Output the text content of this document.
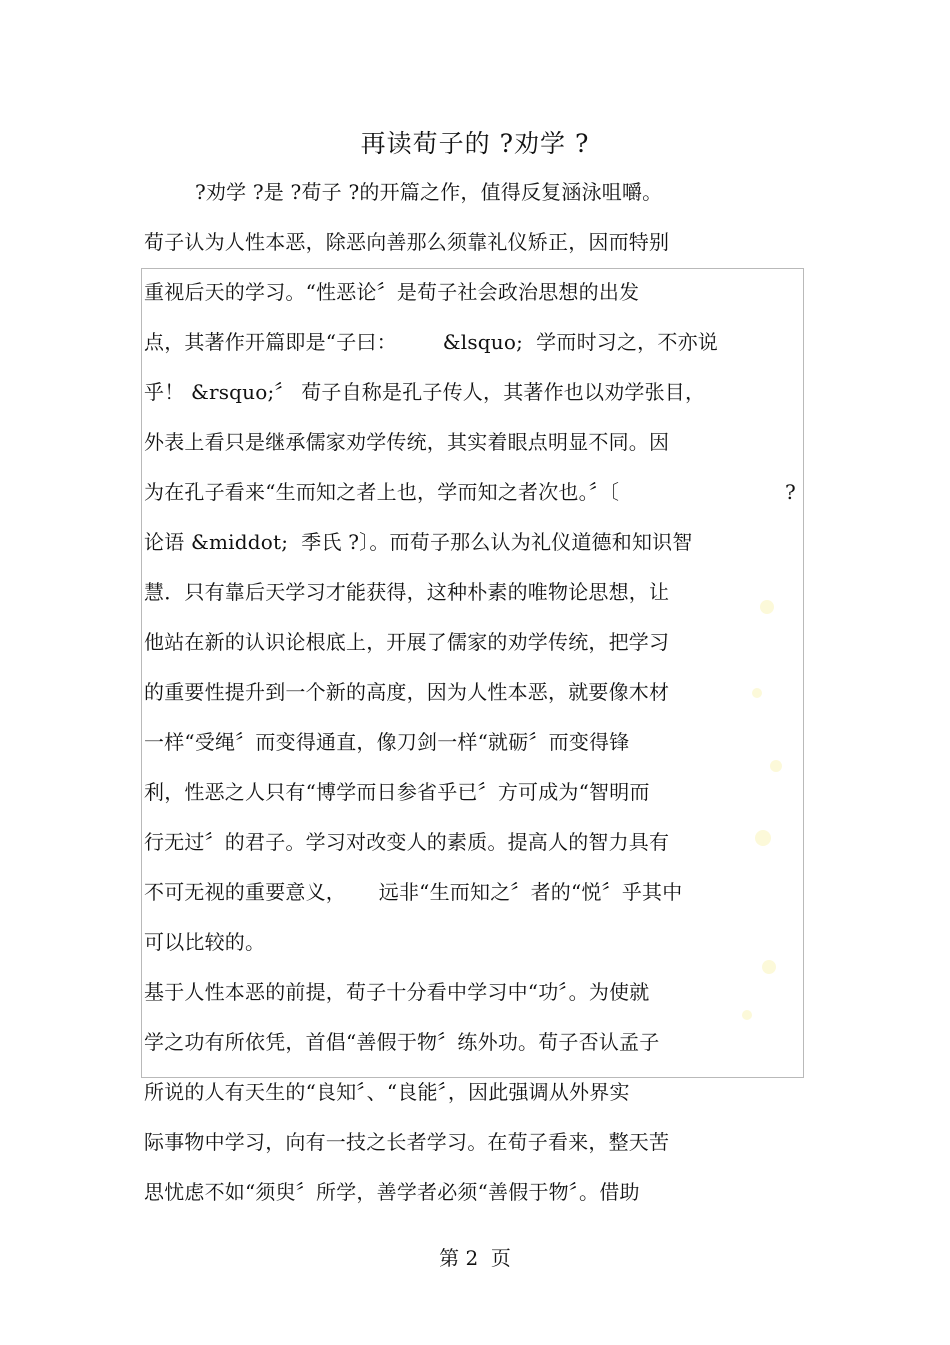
再读荀子的 ?劝学 ?
?劝学 ?是 ?荀子 ?的开篇之作，值得反复涵泳咀嚼。
荀子认为人性本恶，除恶向善那么须靠礼仪矫正，因而特别
重视后天的学习。“性恶论〞是荀子社会政治思想的出发
点，其著作开篇即是“子曰：       &lsquo;  学而时习之，不亦说
乎！ &rsquo;〞 荀子自称是孔子传人，其著作也以劝学张目，
外表上看只是继承儒家劝学传统，其实着眼点明显不同。因
为在孔子看来“生而知之者上也，学而知之者次也。〞〔	?
论语 &middot;  季氏 ?〕。而荀子那么认为礼仪道德和知识智
慧．只有靠后天学习才能获得，这种朴素的唯物论思想，让
他站在新的认识论根底上，开展了儒家的劝学传统，把学习
的重要性提升到一个新的高度，因为人性本恶，就要像木材
一样“受绳〞而变得通直，像刀剑一样“就砺〞而变得锋
利，性恶之人只有“博学而日参省乎已〞方可成为“智明而
行无过〞的君子。学习对改变人的素质。提高人的智力具有
不可无视的重要意义，     远非“生而知之〞者的“悦〞乎其中
可以比较的。
基于人性本恶的前提，荀子十分看中学习中“功〞。为使就
学之功有所依凭，首倡“善假于物〞练外功。荀子否认孟子
所说的人有天生的“良知〞、“良能〞，因此强调从外界实
际事物中学习，向有一技之长者学习。在荀子看来，整天苦
思忧虑不如“须臾〞所学，善学者必须“善假于物〞。借助
第 2  页
